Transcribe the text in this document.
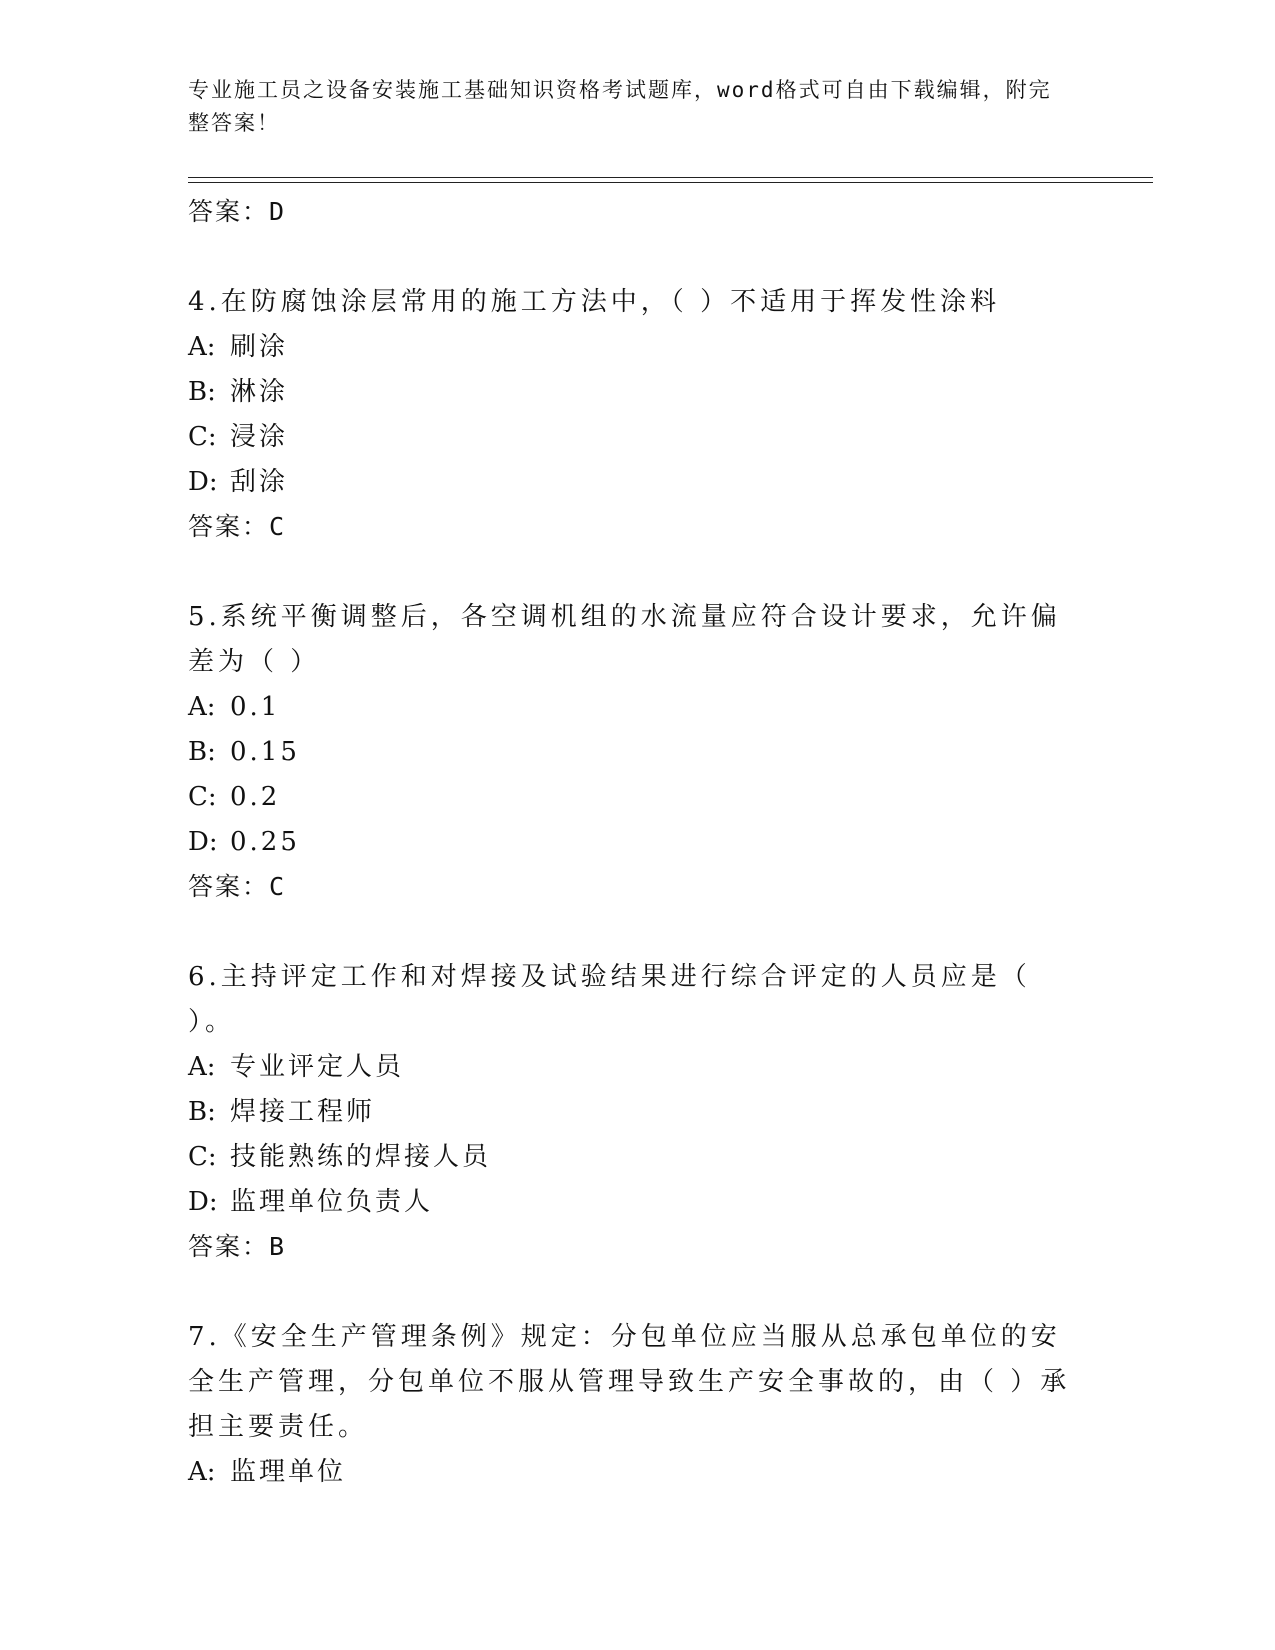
专业施工员之设备安装施工基础知识资格考试题库，word格式可自由下载编辑，附完整答案！
答案：D
4.在防腐蚀涂层常用的施工方法中，（ ）不适用于挥发性涂料
A: 刷涂
B: 淋涂
C: 浸涂
D: 刮涂
答案：C
5.系统平衡调整后，各空调机组的水流量应符合设计要求，允许偏差为（ ）
A: 0.1
B: 0.15
C: 0.2
D: 0.25
答案：C
6.主持评定工作和对焊接及试验结果进行综合评定的人员应是（ ）。
A: 专业评定人员
B: 焊接工程师
C: 技能熟练的焊接人员
D: 监理单位负责人
答案：B
7.《安全生产管理条例》规定：分包单位应当服从总承包单位的安全生产管理，分包单位不服从管理导致生产安全事故的，由（ ）承担主要责任。
A: 监理单位
